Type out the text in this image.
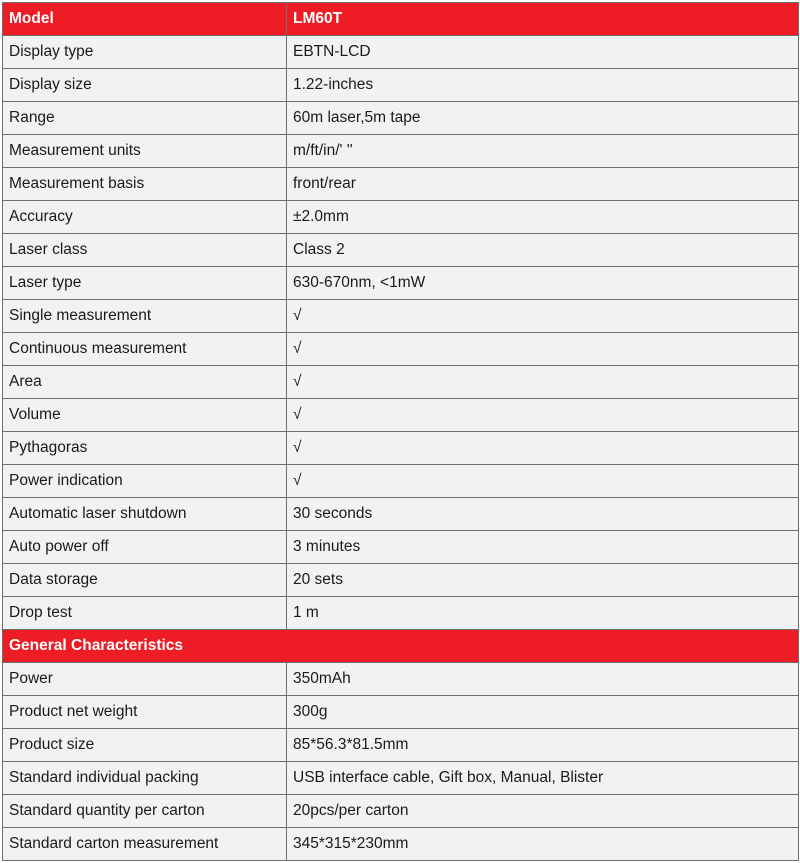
Model	LM60T
Display type	EBTN-LCD
Display size	1.22-inches
Range	60m laser,5m tape
Measurement units	m/ft/in/' ''
Measurement basis	front/rear
Accuracy	±2.0mm
Laser class	Class 2
Laser type	630-670nm, <1mW
Single measurement	√
Continuous measurement	√
Area	√
Volume	√
Pythagoras	√
Power indication	√
Automatic laser shutdown	30 seconds
Auto power off	3 minutes
Data storage	20 sets
Drop test	1 m
General Characteristics	
Power	350mAh
Product net weight	300g
Product size	85*56.3*81.5mm
Standard individual packing	USB interface cable, Gift box, Manual, Blister
Standard quantity per carton	20pcs/per carton
Standard carton measurement	345*315*230mm
